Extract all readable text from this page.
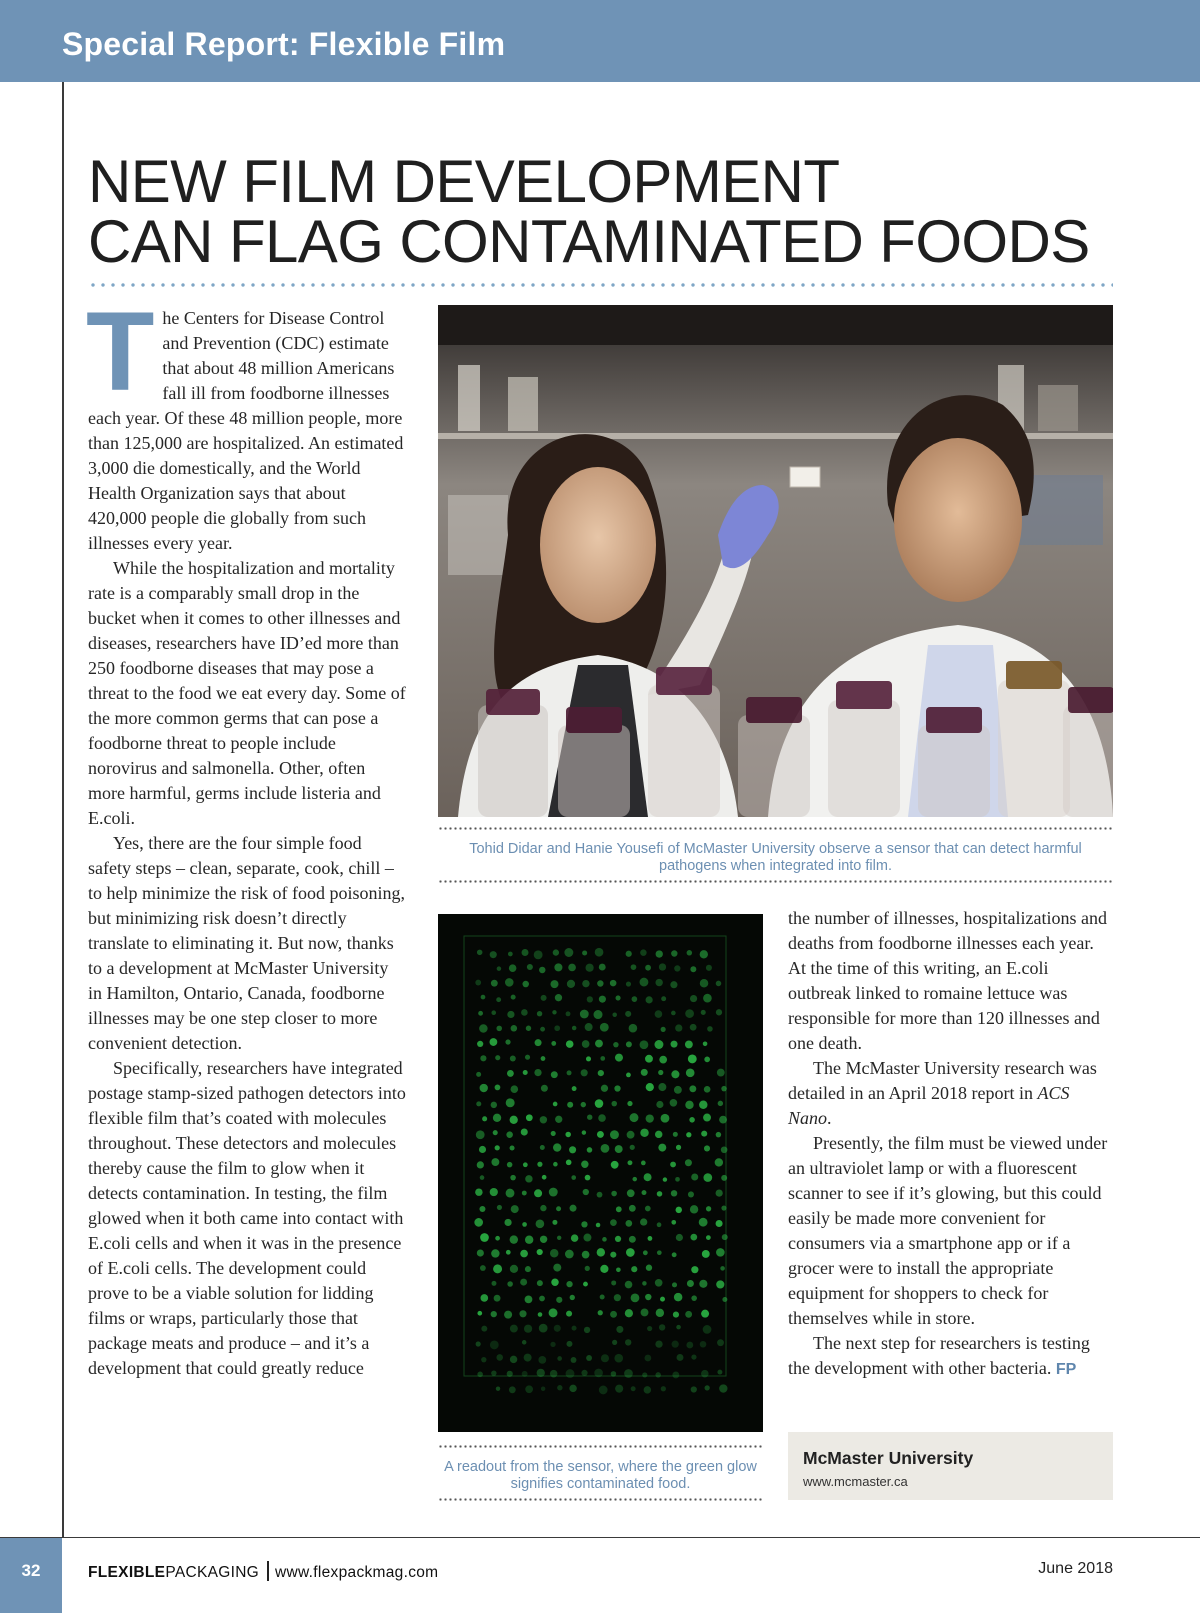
Special Report: Flexible Film
NEW FILM DEVELOPMENT
CAN FLAG CONTAMINATED FOODS
T he Centers for Disease Control and Prevention (CDC) estimate that about 48 million Americans fall ill from foodborne illnesses each year. Of these 48 million people, more than 125,000 are hospitalized. An estimated 3,000 die domestically, and the World Health Organization says that about 420,000 people die globally from such illnesses every year.

While the hospitalization and mortality rate is a comparably small drop in the bucket when it comes to other illnesses and diseases, researchers have ID’ed more than 250 foodborne diseases that may pose a threat to the food we eat every day. Some of the more common germs that can pose a foodborne threat to people include norovirus and salmonella. Other, often more harmful, germs include listeria and E.coli.

Yes, there are the four simple food safety steps – clean, separate, cook, chill – to help minimize the risk of food poisoning, but minimizing risk doesn’t directly translate to eliminating it. But now, thanks to a development at McMaster University in Hamilton, Ontario, Canada, foodborne illnesses may be one step closer to more convenient detection.

Specifically, researchers have integrated postage stamp-sized pathogen detectors into flexible film that’s coated with molecules throughout. These detectors and molecules thereby cause the film to glow when it detects contamination. In testing, the film glowed when it both came into contact with E.coli cells and when it was in the presence of E.coli cells. The development could prove to be a viable solution for lidding films or wraps, particularly those that package meats and produce – and it’s a development that could greatly reduce

Tohid Didar and Hanie Yousefi of McMaster University observe a sensor that can detect harmful pathogens when integrated into film.
A readout from the sensor, where the green glow signifies contaminated food.

the number of illnesses, hospitalizations and deaths from foodborne illnesses each year. At the time of this writing, an E.coli outbreak linked to romaine lettuce was responsible for more than 120 illnesses and one death.

The McMaster University research was detailed in an April 2018 report in ACS Nano.

Presently, the film must be viewed under an ultraviolet lamp or with a fluorescent scanner to see if it’s glowing, but this could easily be made more convenient for consumers via a smartphone app or if a grocer were to install the appropriate equipment for shoppers to check for themselves while in store.

The next step for researchers is testing the development with other bacteria. FP

McMaster University
www.mcmaster.ca
32	FLEXIBLEPACKAGING www.flexpackmag.com	June 2018
